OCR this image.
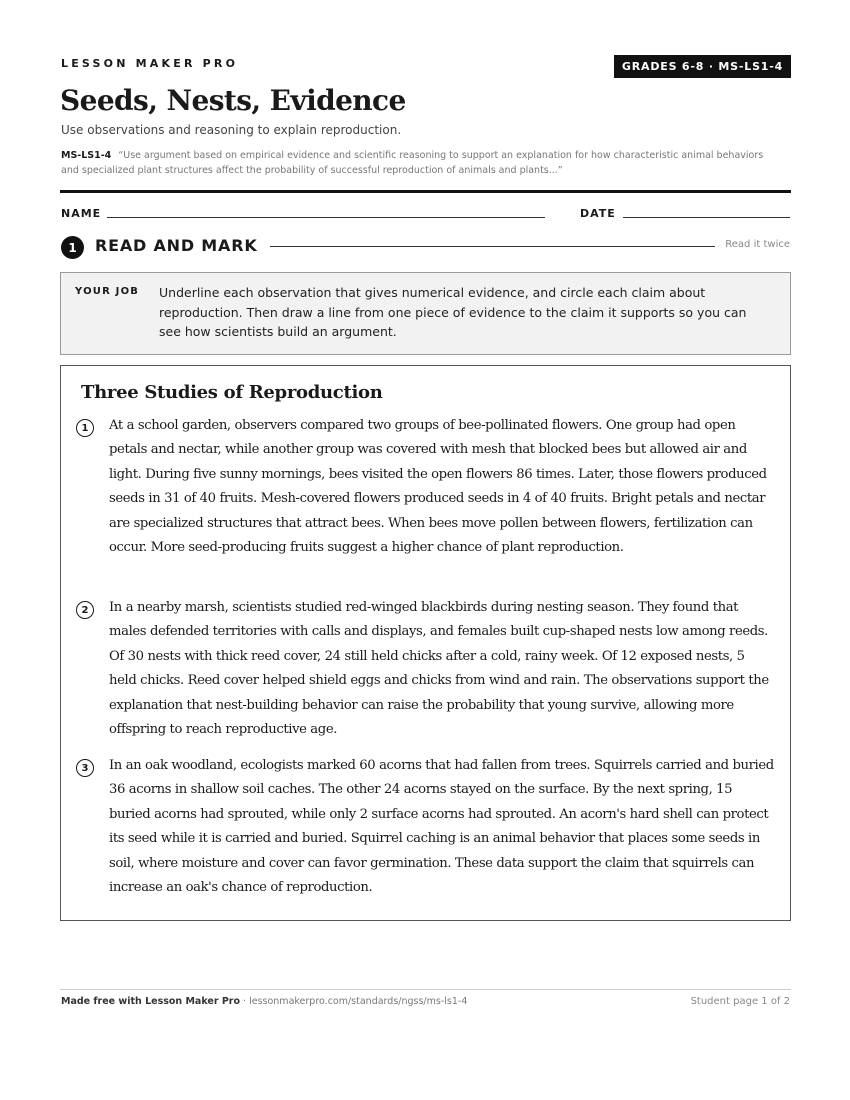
LESSON MAKER PRO	GRADES 6-8 · MS-LS1-4
Seeds, Nests, Evidence
Use observations and reasoning to explain reproduction.
MS-LS1-4 “Use argument based on empirical evidence and scientific reasoning to support an explanation for how characteristic animal behaviors and specialized plant structures affect the probability of successful reproduction of animals and plants...”
NAME	DATE
1	READ AND MARK	Read it twice
YOUR JOB Underline each observation that gives numerical evidence, and circle each claim about reproduction. Then draw a line from one piece of evidence to the claim it supports so you can see how scientists build an argument.
Three Studies of Reproduction
1	At a school garden, observers compared two groups of bee-pollinated flowers. One group had open petals and nectar, while another group was covered with mesh that blocked bees but allowed air and light. During five sunny mornings, bees visited the open flowers 86 times. Later, those flowers produced seeds in 31 of 40 fruits. Mesh-covered flowers produced seeds in 4 of 40 fruits. Bright petals and nectar are specialized structures that attract bees. When bees move pollen between flowers, fertilization can occur. More seed-producing fruits suggest a higher chance of plant reproduction.
2	In a nearby marsh, scientists studied red-winged blackbirds during nesting season. They found that males defended territories with calls and displays, and females built cup-shaped nests low among reeds. Of 30 nests with thick reed cover, 24 still held chicks after a cold, rainy week. Of 12 exposed nests, 5 held chicks. Reed cover helped shield eggs and chicks from wind and rain. The observations support the explanation that nest-building behavior can raise the probability that young survive, allowing more offspring to reach reproductive age.
3	In an oak woodland, ecologists marked 60 acorns that had fallen from trees. Squirrels carried and buried 36 acorns in shallow soil caches. The other 24 acorns stayed on the surface. By the next spring, 15 buried acorns had sprouted, while only 2 surface acorns had sprouted. An acorn's hard shell can protect its seed while it is carried and buried. Squirrel caching is an animal behavior that places some seeds in soil, where moisture and cover can favor germination. These data support the claim that squirrels can increase an oak's chance of reproduction.
Made free with Lesson Maker Pro · lessonmakerpro.com/standards/ngss/ms-ls1-4	Student page 1 of 2
